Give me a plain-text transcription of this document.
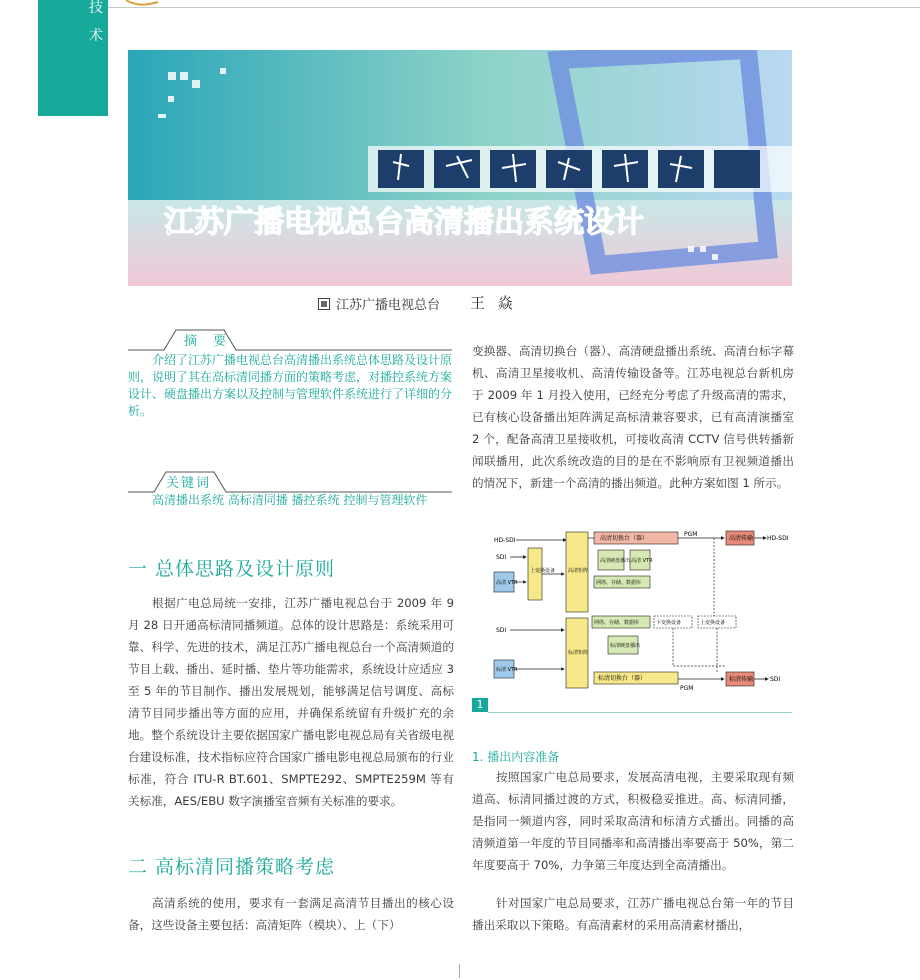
技术
江苏广播电视总台高清播出系统设计
江苏广播电视总台 王 焱
摘 要
介绍了江苏广播电视总台高清播出系统总体思路及设计原则，说明了其在高标清同播方面的策略考虑，对播控系统方案设计、硬盘播出方案以及控制与管理软件系统进行了详细的分析。
关键词
高清播出系统 高标清同播 播控系统 控制与管理软件
一 总体思路及设计原则
根据广电总局统一安排，江苏广播电视总台于 2009 年 9 月 28 日开通高标清同播频道。总体的设计思路是：系统采用可靠、科学、先进的技术，满足江苏广播电视总台一个高清频道的节目上载、播出、延时播、垫片等功能需求，系统设计应适应 3 至 5 年的节目制作、播出发展规划，能够满足信号调度、高标清节目同步播出等方面的应用，并确保系统留有升级扩充的余地。整个系统设计主要依据国家广播电影电视总局有关省级电视台建设标准，技术指标应符合国家广播电影电视总局颁布的行业标准，符合 ITU-R BT.601、SMPTE292、SMPTE259M 等有关标准，AES/EBU 数字演播室音频有关标准的要求。
二 高标清同播策略考虑
高清系统的使用，要求有一套满足高清节目播出的核心设备，这些设备主要包括：高清矩阵（模块）、上（下）
变换器、高清切换台（器）、高清硬盘播出系统、高清台标字幕机、高清卫星接收机、高清传输设备等。江苏电视总台新机房于 2009 年 1 月投入使用，已经充分考虑了升级高清的需求，已有核心设备播出矩阵满足高标清兼容要求，已有高清演播室 2 个，配备高清卫星接收机，可接收高清 CCTV 信号供转播新闻联播用，此次系统改造的目的是在不影响原有卫视频道播出的情况下，新建一个高清的播出频道。此种方案如图 1 所示。
HD-SDI
SDI
高清 VTR
上变换设备	高清矩阵
高清切换台（器）
高清硬盘播出 高清 VTR
网络、存储、数据库
PGM
高清传输 HD-SDI
SDI
标清 VTR
标清矩阵
网络、存储、数据库
标清硬盘播出
下变换设备	上变换设备
标清切换台（器）
PGM
标清传输	SDI
1
1. 播出内容准备
按照国家广电总局要求，发展高清电视，主要采取现有频道高、标清同播过渡的方式，积极稳妥推进。高、标清同播，是指同一频道内容，同时采取高清和标清方式播出。同播的高清频道第一年度的节目同播率和高清播出率要高于 50%，第二年度要高于 70%，力争第三年度达到全高清播出。
针对国家广电总局要求，江苏广播电视总台第一年的节目播出采取以下策略。有高清素材的采用高清素材播出，
